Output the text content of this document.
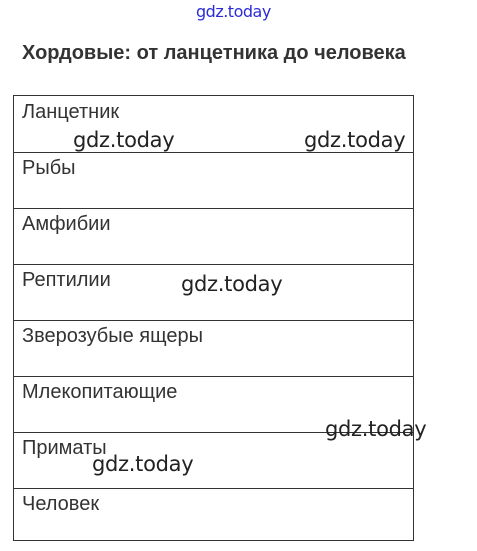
gdz.today
Хордовые: от ланцетника до человека
Ланцетник
Рыбы
Амфибии
Рептилии
Зверозубые ящеры
Млекопитающие
Приматы
Человек
gdz.today	gdz.today
gdz.today
gdz.today
gdz.today
